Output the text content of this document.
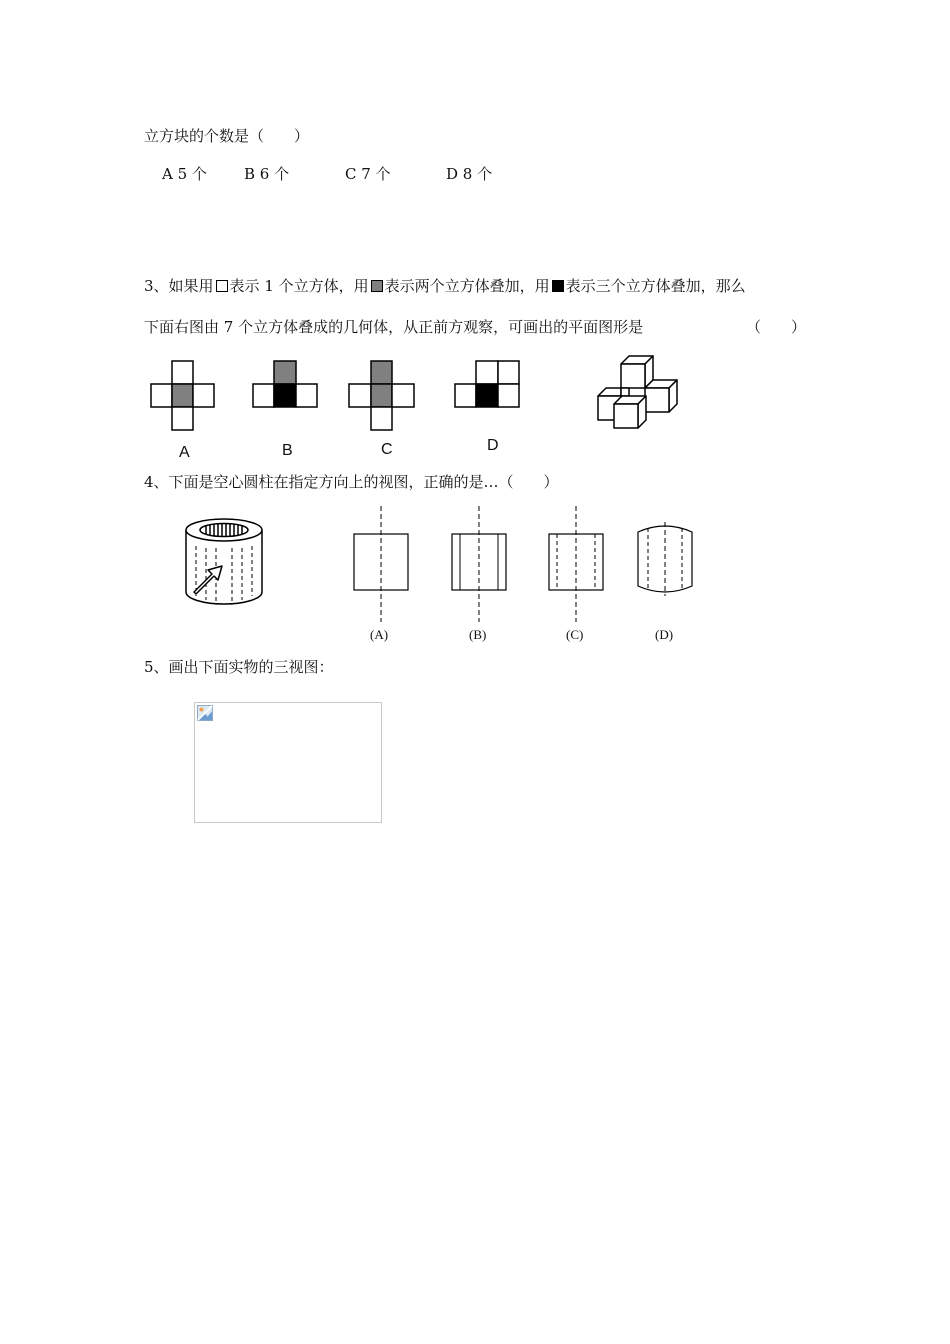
立方块的个数是（　　）
A 5 个 B 6 个	C 7 个	D 8 个
3、如果用 表示 1 个立方体，用 表示两个立方体叠加，用 表示三个立方体叠加，那么
下面右图由 7 个立方体叠成的几何体，从正前方观察，可画出的平面图形是	（　　）
A	B	C	D
4、下面是空心圆柱在指定方向上的视图，正确的是…（　　）
(A)	(B)	(C)	(D)
5、画出下面实物的三视图：
